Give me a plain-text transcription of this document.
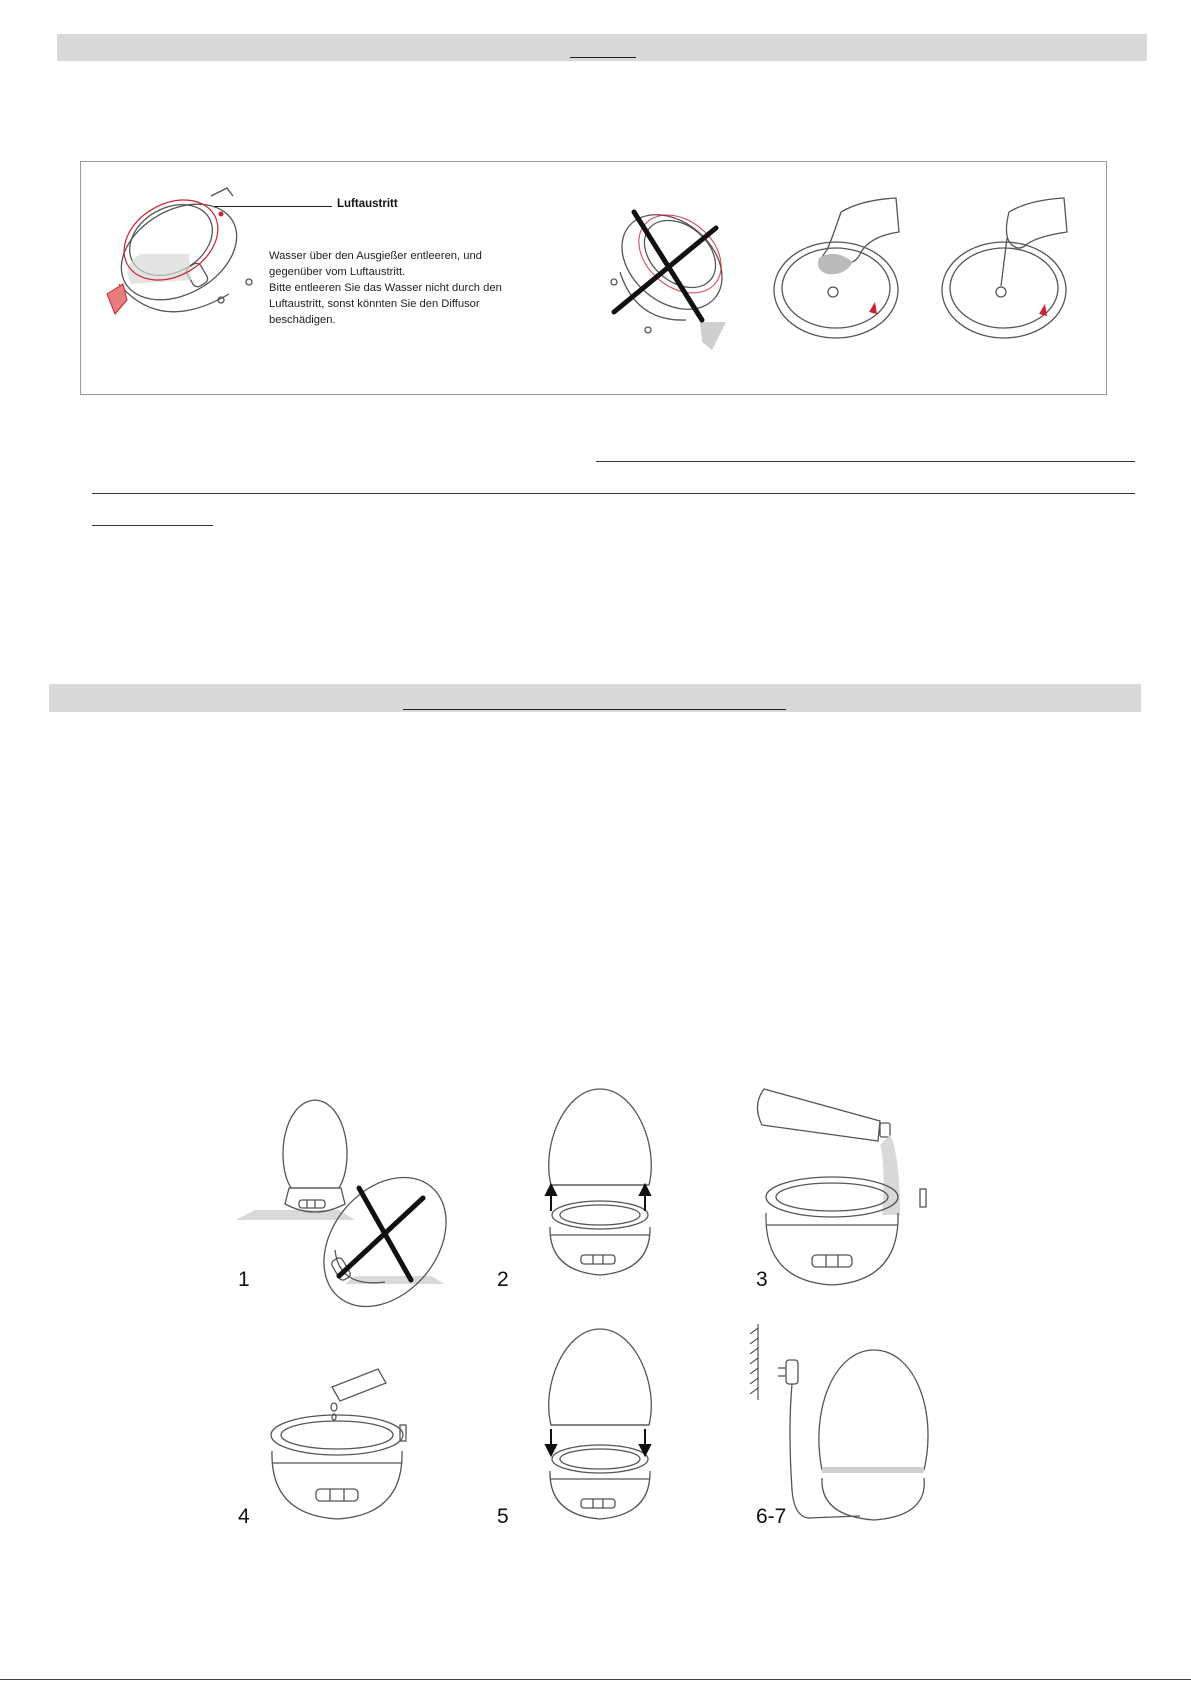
Luftaustritt
Wasser über den Ausgießer entleeren, und
gegenüber vom Luftaustritt.
Bitte entleeren Sie das Wasser nicht durch den
Luftaustritt, sonst könnten Sie den Diffusor
beschädigen.
1	2	3
4	5	6-7
